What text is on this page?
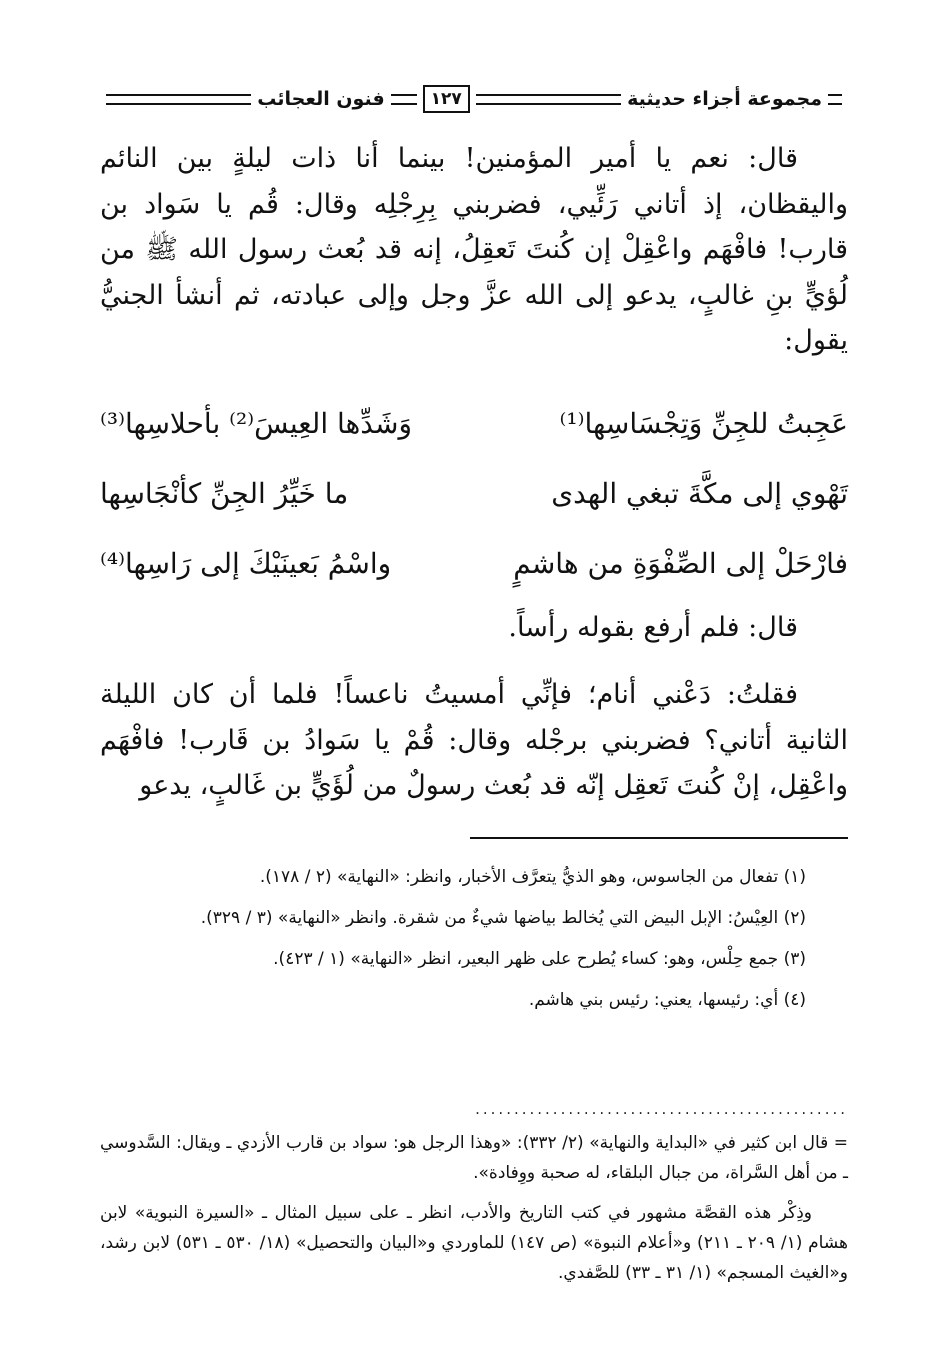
مجموعة أجزاء حديثية
١٢٧
فنون العجائب

قال: نعم يا أمير المؤمنين! بينما أنا ذات ليلةٍ بين النائم واليقظان، إذ أتاني رَئِّيي، فضربني بِرِجْلِه وقال: قُم يا سَواد بن قارب! فافْهَم واعْقِلْ إن كُنتَ تَعقِلُ، إنه قد بُعث رسول الله ﷺ من لُؤيٍّ بنِ غالبٍ، يدعو إلى الله عزَّ وجل وإلى عبادته، ثم أنشأ الجنيُّ يقول:

عَجِبتُ للجِنِّ وَتِجْسَاسِها⁽¹⁾
وَشَدِّها العِيسَ⁽²⁾ بأحلاسِها⁽³⁾
تَهْوي إلى مكَّةَ تبغي الهدى
ما خَيِّرُ الجِنِّ كأنْجَاسِها
فارْحَلْ إلى الصِّفْوَةِ من هاشمٍ
واسْمُ بَعينَيْكَ إلى رَاسِها⁽⁴⁾
قال: فلم أرفع بقوله رأساً.

فقلتُ: دَعْني أنام؛ فإنِّي أمسيتُ ناعساً! فلما أن كان الليلة الثانية أتاني؟ فضربني برجْله وقال: قُمْ يا سَوادُ بن قَارب! فافْهَم واعْقِل، إنْ كُنتَ تَعقِل إنّه قد بُعث رسولٌ من لُؤَيٍّ بن غَالبٍ، يدعو

(١) تفعال من الجاسوس، وهو الذيُّ يتعرَّف الأخبار، وانظر: «النهاية» (٢ / ١٧٨).

(٢) العِيْسُ: الإبل البيض التي يُخالط بياضها شيءٌ من شقرة. وانظر «النهاية» (٣ / ٣٢٩).

(٣) جمع حِلْس، وهو: كساء يُطرح على ظهر البعير، انظر «النهاية» (١ / ٤٢٣).

(٤) أي: رئيسها، يعني: رئيس بني هاشم.

................................................

= قال ابن كثير في «البداية والنهاية» (٢/ ٣٣٢): «وهذا الرجل هو: سواد بن قارب الأزدي ـ ويقال: السَّدوسي ـ من أهل السَّراة، من جبال البلقاء، له صحبة ووِفادة».

وذِكْر هذه القصَّة مشهور في كتب التاريخ والأدب، انظر ـ على سبيل المثال ـ «السيرة النبوية» لابن هشام (١/ ٢٠٩ ـ ٢١١) و«أعلام النبوة» (ص ١٤٧) للماوردي و«البيان والتحصيل» (١٨/ ٥٣٠ ـ ٥٣١) لابن رشد، و«الغيث المسجم» (١/ ٣١ ـ ٣٣) للصَّفدي.
